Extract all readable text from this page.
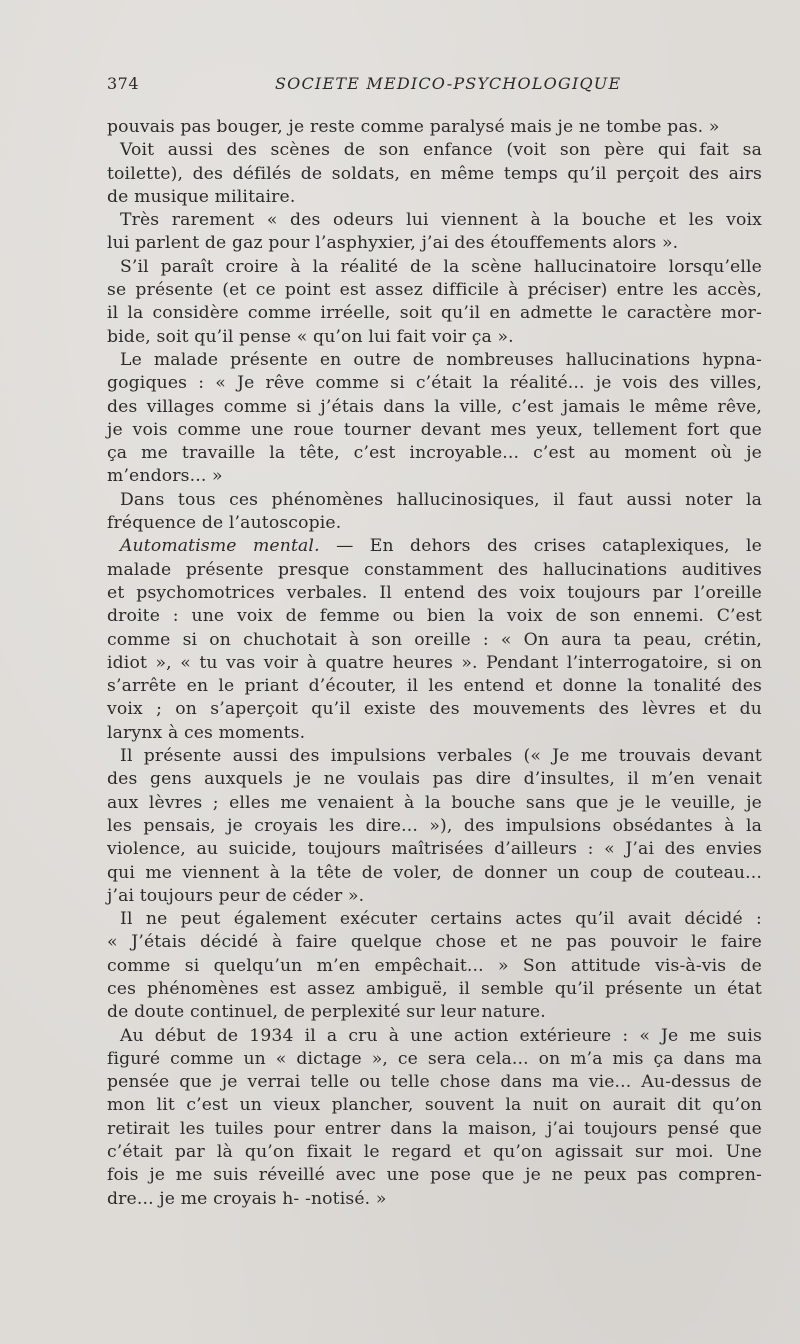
374	SOCIETE MEDICO-PSYCHOLOGIQUE
pouvais pas bouger, je reste comme paralysé mais je ne tombe pas. »
Voit aussi des scènes de son enfance (voit son père qui fait sa
toilette), des défilés de soldats, en même temps qu’il perçoit des airs
de musique militaire.
Très rarement « des odeurs lui viennent à la bouche et les voix
lui parlent de gaz pour l’asphyxier, j’ai des étouffements alors ».
S’il paraît croire à la réalité de la scène hallucinatoire lorsqu’elle
se présente (et ce point est assez difficile à préciser) entre les accès,
il la considère comme irréelle, soit qu’il en admette le caractère mor-
bide, soit qu’il pense « qu’on lui fait voir ça ».
Le malade présente en outre de nombreuses hallucinations hypna-
gogiques : « Je rêve comme si c’était la réalité... je vois des villes,
des villages comme si j’étais dans la ville, c’est jamais le même rêve,
je vois comme une roue tourner devant mes yeux, tellement fort que
ça me travaille la tête, c’est incroyable... c’est au moment où je
m’endors... »
Dans tous ces phénomènes hallucinosiques, il faut aussi noter la
fréquence de l’autoscopie.
Automatisme mental. — En dehors des crises cataplexiques, le
malade présente presque constamment des hallucinations auditives
et psychomotrices verbales. Il entend des voix toujours par l’oreille
droite : une voix de femme ou bien la voix de son ennemi. C’est
comme si on chuchotait à son oreille : « On aura ta peau, crétin,
idiot », « tu vas voir à quatre heures ». Pendant l’interrogatoire, si on
s’arrête en le priant d’écouter, il les entend et donne la tonalité des
voix ; on s’aperçoit qu’il existe des mouvements des lèvres et du
larynx à ces moments.
Il présente aussi des impulsions verbales (« Je me trouvais devant
des gens auxquels je ne voulais pas dire d’insultes, il m’en venait
aux lèvres ; elles me venaient à la bouche sans que je le veuille, je
les pensais, je croyais les dire... »), des impulsions obsédantes à la
violence, au suicide, toujours maîtrisées d’ailleurs : « J’ai des envies
qui me viennent à la tête de voler, de donner un coup de couteau...
j’ai toujours peur de céder ».
Il ne peut également exécuter certains actes qu’il avait décidé :
« J’étais décidé à faire quelque chose et ne pas pouvoir le faire
comme si quelqu’un m’en empêchait... » Son attitude vis-à-vis de
ces phénomènes est assez ambiguë, il semble qu’il présente un état
de doute continuel, de perplexité sur leur nature.
Au début de 1934 il a cru à une action extérieure : « Je me suis
figuré comme un « dictage », ce sera cela... on m’a mis ça dans ma
pensée que je verrai telle ou telle chose dans ma vie... Au-dessus de
mon lit c’est un vieux plancher, souvent la nuit on aurait dit qu’on
retirait les tuiles pour entrer dans la maison, j’ai toujours pensé que
c’était par là qu’on fixait le regard et qu’on agissait sur moi. Une
fois je me suis réveillé avec une pose que je ne peux pas compren-
dre... je me croyais h- -notisé. »
